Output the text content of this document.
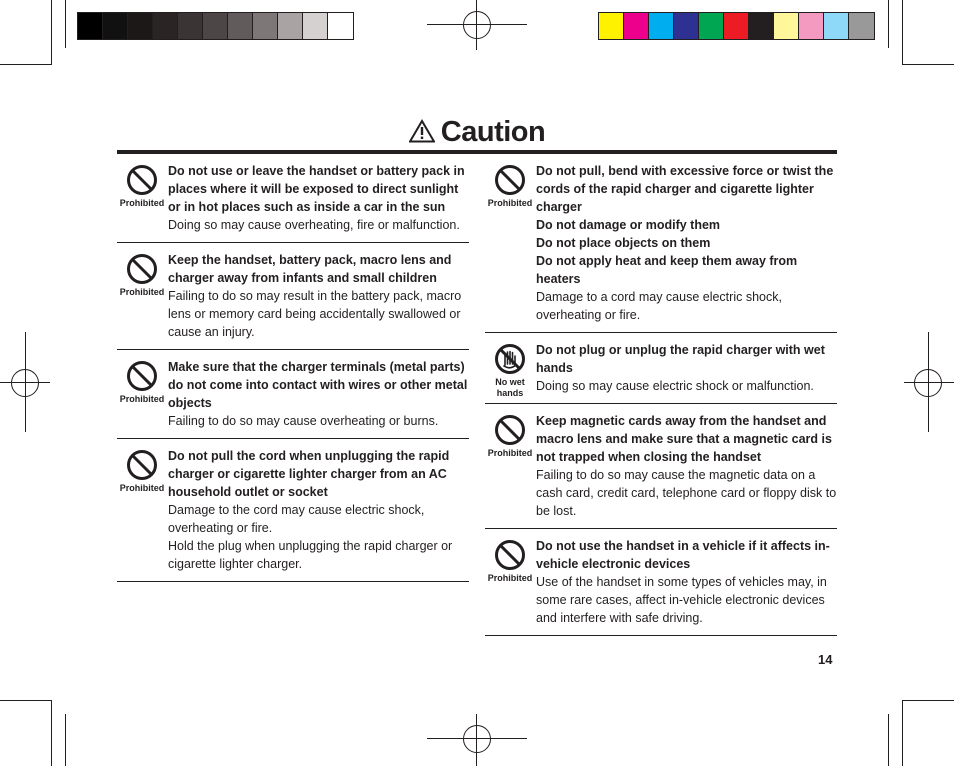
Caution
Prohibited
Do not use or leave the handset or battery pack in places where it will be exposed to direct sunlight or in hot places such as inside a car in the sun
Doing so may cause overheating, fire or malfunction.
Prohibited
Keep the handset, battery pack, macro lens and charger away from infants and small children
Failing to do so may result in the battery pack, macro lens or memory card being accidentally swallowed or cause an injury.
Prohibited
Make sure that the charger terminals (metal parts) do not come into contact with wires or other metal objects
Failing to do so may cause overheating or burns.
Prohibited
Do not pull the cord when unplugging the rapid charger or cigarette lighter charger from an AC household outlet or socket
Damage to the cord may cause electric shock, overheating or fire.
Hold the plug when unplugging the rapid charger or cigarette lighter charger.
Prohibited
Do not pull, bend with excessive force or twist the cords of the rapid charger and cigarette lighter charger
Do not damage or modify them
Do not place objects on them
Do not apply heat and keep them away from heaters
Damage to a cord may cause electric shock, overheating or fire.
No wet hands
Do not plug or unplug the rapid charger with wet hands
Doing so may cause electric shock or malfunction.
Prohibited
Keep magnetic cards away from the handset and macro lens and make sure that a magnetic card is not trapped when closing the handset
Failing to do so may cause the magnetic data on a cash card, credit card, telephone card or floppy disk to be lost.
Prohibited
Do not use the handset in a vehicle if it affects in-vehicle electronic devices
Use of the handset in some types of vehicles may, in some rare cases, affect in-vehicle electronic devices and interfere with safe driving.
14
